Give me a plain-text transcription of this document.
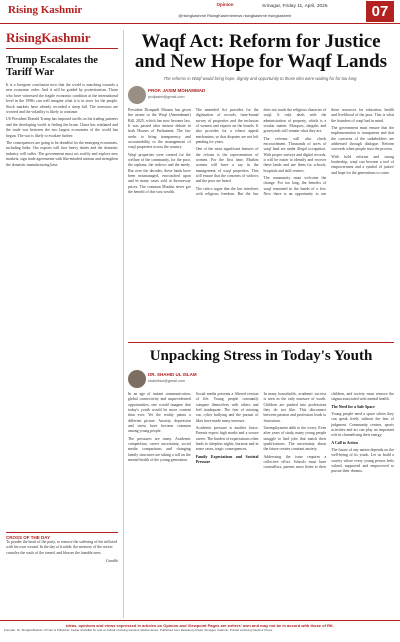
Rising Kashmir	Opinion	Srinagar, Friday 11, April, 2025
@risingkashmir RisingKashmirnews risingkashmir risingkashmir	07
RisingKashmir
Trump Escalates the Tariff War

It is a foregone conclusion now that the world is marching towards a new economic order. And it will be guided by protectionism. Those who have witnessed the fragile economic condition at the international level in the 1990s can well imagine what it is in store for the people. Stock markets have already recorded a steep fall. The investors are worried and the volatility is likely to continue.

US President Donald Trump has imposed tariffs on his trading partners and the developing world is feeling the brunt. China has retaliated and the trade war between the two largest economies of the world has begun. The war is likely to escalate further.

The consequences are going to be dreadful for the emerging economies, including India. Our exports will face heavy duties and the domestic industry will suffer. The government must act swiftly and explore new markets, sign trade agreements with like-minded nations and strengthen the domestic manufacturing base.

CROSS OF THE DAY

To ponder the heart of the party, to remove the suffering of the inflicted with his own wound. In the day of trouble, the memory of the action consoles the souls of the tamed, and blesses the humble ones.

Gandhi
Waqf Act: Reform for Justice and New Hope for Waqf Lands
The reforms in Waqf would bring hope, dignity and opportunity to those who were waiting for far too long
PROF. JASIM MOHAMMAD
profjasim@gmail.com

President Droupadi Murmu has given her assent to the Waqf (Amendment) Bill, 2025, which has now become law. It was passed after intense debate in both Houses of Parliament. The law seeks to bring transparency and accountability to the management of waqf properties across the country.

Waqf properties were created for the welfare of the community, for the poor, the orphans, the widows and the needy. But over the decades, these lands have been mismanaged, encroached upon and in many cases sold at throwaway prices. The common Muslim never got the benefit of this vast wealth.

The amended Act provides for the digitisation of records, time-bound survey of properties and the inclusion of women and experts on the boards. It also provides for a robust appeal mechanism, so that disputes are not left pending for years.

One of the most significant features of the reform is the representation of women. For the first time, Muslim women will have a say in the management of waqf properties. This will ensure that the concerns of widows and the poor are heard.

The critics argue that the law interferes with religious freedom. But the law does not touch the religious character of waqf. It only deals with the administration of property, which is a secular matter. Mosques, dargahs and graveyards will remain what they are.

The reforms will also check encroachment. Thousands of acres of waqf land are under illegal occupation. With proper surveys and digital records, it will be easier to identify and recover these lands and use them for schools, hospitals and skill centres.

The community must welcome the change. For too long, the benefits of waqf remained in the hands of a few. Now there is an opportunity to use these resources for education, health and livelihood of the poor. This is what the founders of waqf had in mind.

The government must ensure that the implementation is transparent and that the concerns of the stakeholders are addressed through dialogue. Reform succeeds when people trust the process.

With bold reforms and strong leadership, waqf can become a tool of empowerment and a symbol of justice and hope for the generations to come.

Unpacking Stress in Today's Youth
DR. SHAHID UL ISLAM
shahidsul@gmail.com

In an age of instant communication, global connectivity and unprecedented opportunities, one would imagine that today's youth would be more content than ever. Yet the reality paints a different picture. Anxiety, depression and stress have become common among young people.

The pressures are many. Academic competition, career uncertainty, social media comparisons and changing family structures are taking a toll on the mental health of the young generation.

Social media presents a filtered version of life. Young people constantly compare themselves with others and feel inadequate. The fear of missing out, cyber bullying and the pursuit of likes have made many insecure.

Academic pressure is another factor. Parents expect high marks and a secure career. The burden of expectations often leads to sleepless nights, burnout and in some cases, tragic consequences.

Family Expectations and Societal Pressure

In many households, academic success is seen as the only measure of worth. Children are pushed into professions they do not like. This disconnect between passion and profession leads to frustration.

Unemployment adds to the worry. Even after years of study, many young people struggle to find jobs that match their qualifications. The uncertainty about the future creates constant anxiety.

Addressing the issue requires a collective effort. Schools must have counsellors, parents must listen to their children, and society must remove the stigma associated with mental health.

The Need for a Safe Space

Young people need a space where they can speak freely without the fear of judgment. Community centres, sports activities and art can play an important role in channelising their energy.

A Call to Action

The future of any nation depends on the well-being of its youth. Let us build a society where every young person feels valued, supported and empowered to pursue their dreams.

Ideas, opinions and views expressed in articles on Opinion and Viewpoint Pages are writers' own and may not be in accord with those of RK.
Founder: Dr. Shujaat Bukhari. Printer & Publisher: Kaisar Muzaffar for and on behalf of Rising Kashmir Media House. Published from Residency Road, Srinagar, Kashmir. Printed at Rising Kashmir Press.
